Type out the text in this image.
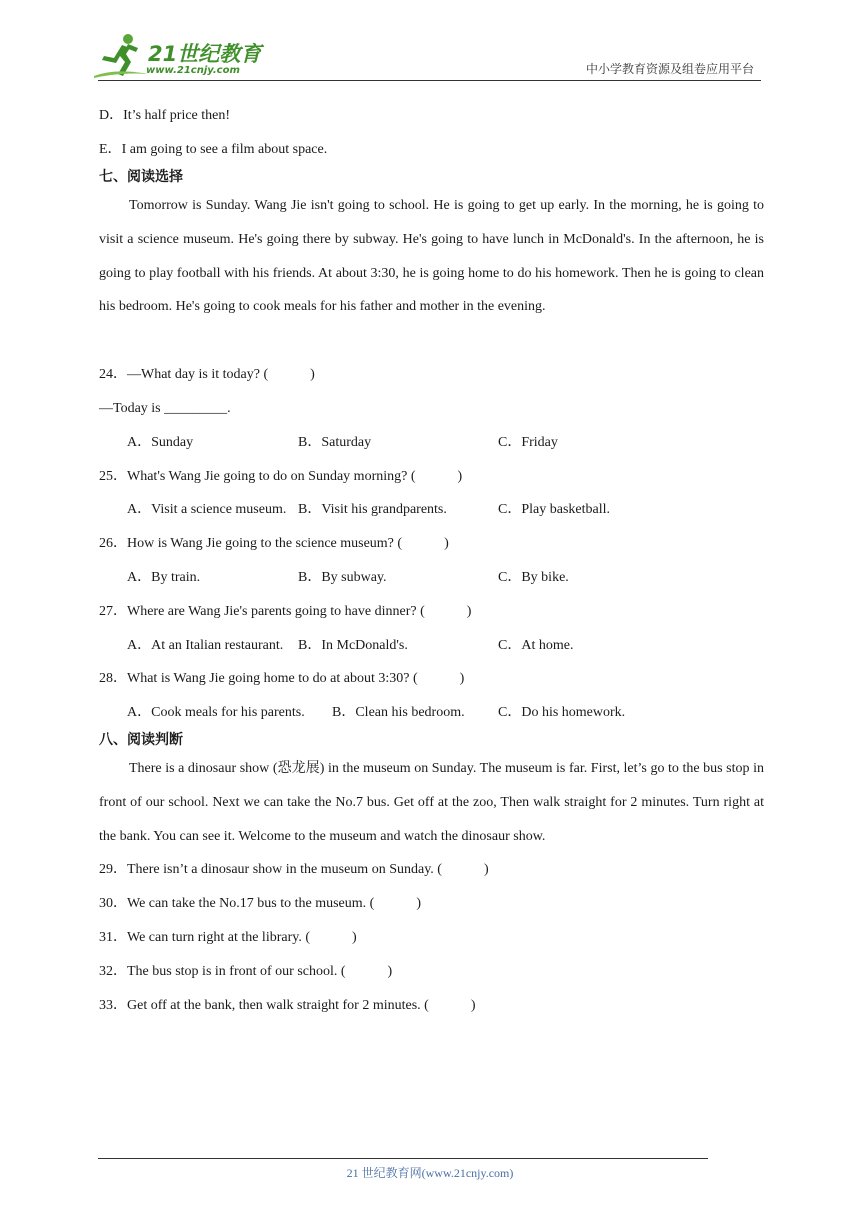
21世纪教育
www.21cnjy.com	中小学教育资源及组卷应用平台
D．It’s half price then!
E．I am going to see a film about space.
七、阅读选择
Tomorrow is Sunday. Wang Jie isn't going to school. He is going to get up early. In the morning, he is going to visit a science museum. He's going there by subway. He's going to have lunch in McDonald's. In the afternoon, he is going to play football with his friends. At about 3:30, he is going home to do his homework. Then he is going to clean his bedroom. He's going to cook meals for his father and mother in the evening.
24．—What day is it today? (	)
—Today is _________.
A．Sunday	B．Saturday	C．Friday
25．What's Wang Jie going to do on Sunday morning? (	)
A．Visit a science museum. B．Visit his grandparents.	C．Play basketball.
26．How is Wang Jie going to the science museum? (	)
A．By train.	B．By subway.	C．By bike.
27．Where are Wang Jie's parents going to have dinner? (	)
A．At an Italian restaurant. B．In McDonald's.	C．At home.
28．What is Wang Jie going home to do at about 3:30? (	)
A．Cook meals for his parents. B．Clean his bedroom. C．Do his homework.
八、阅读判断
There is a dinosaur show (恐龙展) in the museum on Sunday. The museum is far. First, let’s go to the bus stop in front of our school. Next we can take the No.7 bus. Get off at the zoo, Then walk straight for 2 minutes. Turn right at the bank. You can see it. Welcome to the museum and watch the dinosaur show.
29．There isn’t a dinosaur show in the museum on Sunday. (	)
30．We can take the No.17 bus to the museum. (	)
31．We can turn right at the library. (	)
32．The bus stop is in front of our school. (	)
33．Get off at the bank, then walk straight for 2 minutes. (	)
21 世纪教育网(www.21cnjy.com)
